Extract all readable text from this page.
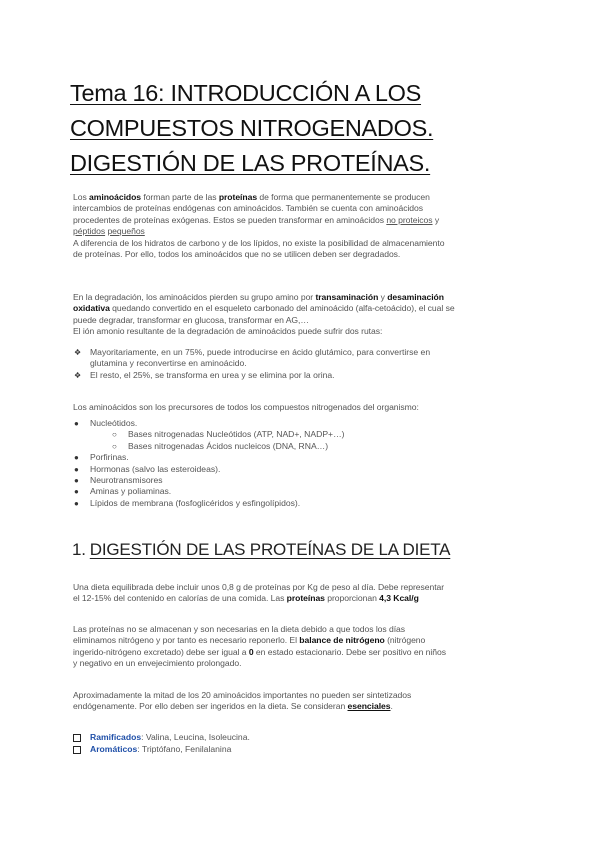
Tema 16: INTRODUCCIÓN A LOS
COMPUESTOS NITROGENADOS.
DIGESTIÓN DE LAS PROTEÍNAS.
Los aminoácidos forman parte de las proteínas de forma que permanentemente se producen
intercambios de proteínas endógenas con aminoácidos. También se cuenta con aminoácidos
procedentes de proteínas exógenas. Estos se pueden transformar en aminoácidos no proteicos y
péptidos pequeños
A diferencia de los hidratos de carbono y de los lípidos, no existe la posibilidad de almacenamiento
de proteínas. Por ello, todos los aminoácidos que no se utilicen deben ser degradados.
En la degradación, los aminoácidos pierden su grupo amino por transaminación y desaminación
oxidativa quedando convertido en el esqueleto carbonado del aminoácido (alfa-cetoácido), el cual se
puede degradar, transformar en glucosa, transformar en AG,…
El ión amonio resultante de la degradación de aminoácidos puede sufrir dos rutas:
❖ Mayoritariamente, en un 75%, puede introducirse en ácido glutámico, para convertirse en
glutamina y reconvertirse en aminoácido.
❖ El resto, el 25%, se transforma en urea y se elimina por la orina.
Los aminoácidos son los precursores de todos los compuestos nitrogenados del organismo:
● Nucleótidos.
○ Bases nitrogenadas Nucleótidos (ATP, NAD+, NADP+…)
○ Bases nitrogenadas Ácidos nucleicos (DNA, RNA…)
● Porfirinas.
● Hormonas (salvo las esteroideas).
● Neurotransmisores
● Aminas y poliaminas.
● Lípidos de membrana (fosfoglicéridos y esfingolípidos).
1. DIGESTIÓN DE LAS PROTEÍNAS DE LA DIETA
Una dieta equilibrada debe incluir unos 0,8 g de proteínas por Kg de peso al día. Debe representar
el 12-15% del contenido en calorías de una comida. Las proteínas proporcionan 4,3 Kcal/g
Las proteínas no se almacenan y son necesarias en la dieta debido a que todos los días
eliminamos nitrógeno y por tanto es necesario reponerlo. El balance de nitrógeno (nitrógeno
ingerido-nitrógeno excretado) debe ser igual a 0 en estado estacionario. Debe ser positivo en niños
y negativo en un envejecimiento prolongado.
Aproximadamente la mitad de los 20 aminoácidos importantes no pueden ser sintetizados
endógenamente. Por ello deben ser ingeridos en la dieta. Se consideran esenciales.
Ramificados: Valina, Leucina, Isoleucina.
Aromáticos: Triptófano, Fenilalanina
